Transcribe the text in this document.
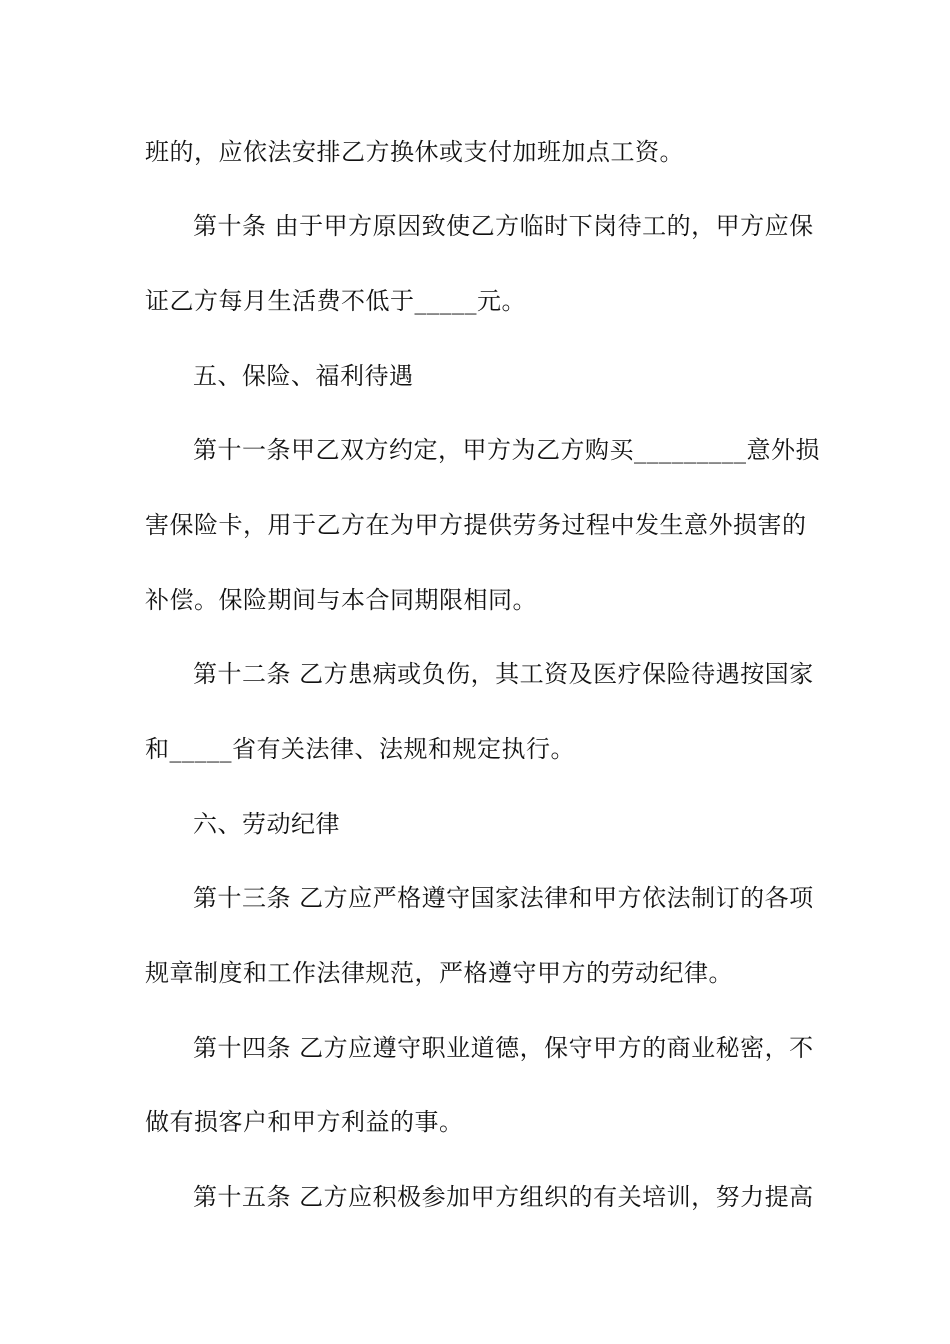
班的，应依法安排乙方换休或支付加班加点工资。
第十条 由于甲方原因致使乙方临时下岗待工的，甲方应保
证乙方每月生活费不低于_____元。
五、保险、福利待遇
第十一条甲乙双方约定，甲方为乙方购买_________意外损
害保险卡，用于乙方在为甲方提供劳务过程中发生意外损害的
补偿。保险期间与本合同期限相同。
第十二条 乙方患病或负伤，其工资及医疗保险待遇按国家
和_____省有关法律、法规和规定执行。
六、劳动纪律
第十三条 乙方应严格遵守国家法律和甲方依法制订的各项
规章制度和工作法律规范，严格遵守甲方的劳动纪律。
第十四条 乙方应遵守职业道德，保守甲方的商业秘密，不
做有损客户和甲方利益的事。
第十五条 乙方应积极参加甲方组织的有关培训，努力提高
